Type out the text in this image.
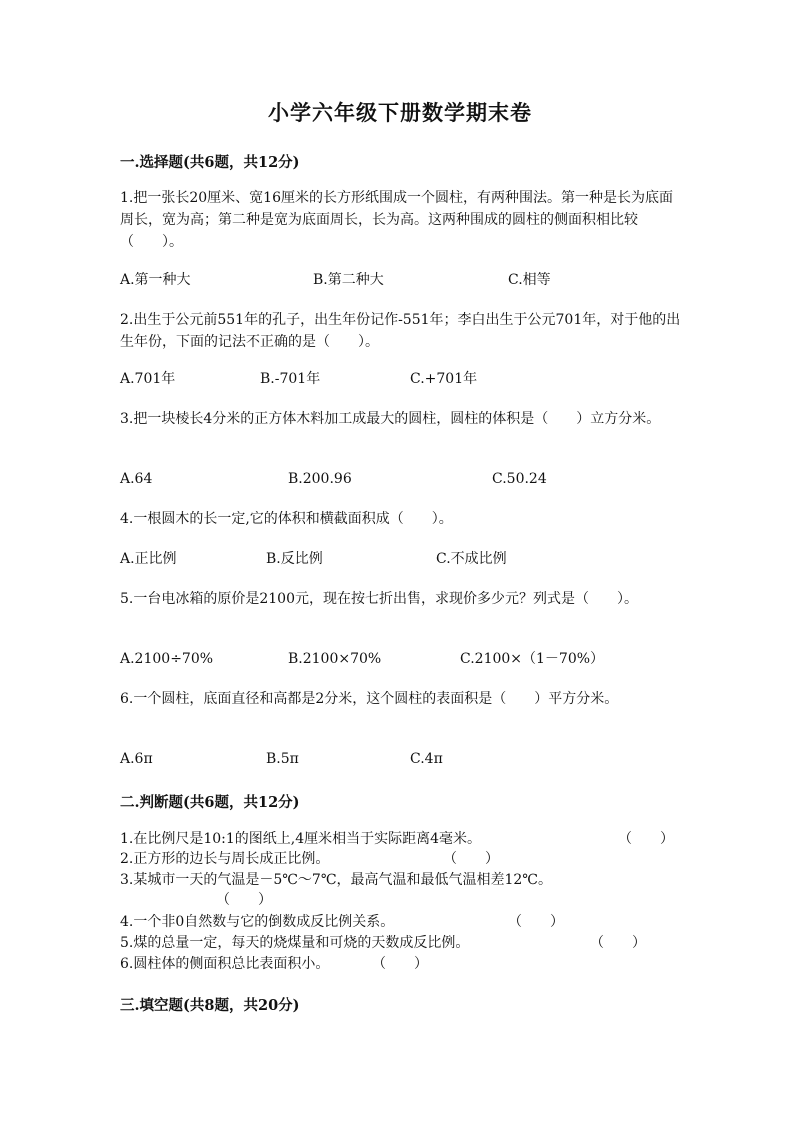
小学六年级下册数学期末卷
一.选择题(共6题，共12分)
1.把一张长20厘米、宽16厘米的长方形纸围成一个圆柱，有两种围法。第一种是长为底面周长，宽为高；第二种是宽为底面周长，长为高。这两种围成的圆柱的侧面积相比较（　　）。
A.第一种大	B.第二种大	C.相等
2.出生于公元前551年的孔子，出生年份记作-551年；李白出生于公元701年，对于他的出生年份，下面的记法不正确的是（　　）。
A.701年	B.-701年	C.+701年
3.把一块棱长4分米的正方体木料加工成最大的圆柱，圆柱的体积是（　　）立方分米。
A.64	B.200.96	C.50.24
4.一根圆木的长一定,它的体积和横截面积成（　　）。
A.正比例	B.反比例	C.不成比例
5.一台电冰箱的原价是2100元，现在按七折出售，求现价多少元？列式是（　　）。
A.2100÷70%	B.2100×70%	C.2100×（1－70%）
6.一个圆柱，底面直径和高都是2分米，这个圆柱的表面积是（　　）平方分米。
A.6π	B.5π	C.4π
二.判断题(共6题，共12分)
1.在比例尺是10:1的图纸上,4厘米相当于实际距离4毫米。	（　　）
2.正方形的边长与周长成正比例。	（　　）
3.某城市一天的气温是－5℃～7℃，最高气温和最低气温相差12℃。
（　　）
4.一个非0自然数与它的倒数成反比例关系。	（　　）
5.煤的总量一定，每天的烧煤量和可烧的天数成反比例。	（　　）
6.圆柱体的侧面积总比表面积小。	（　　）
三.填空题(共8题，共20分)
